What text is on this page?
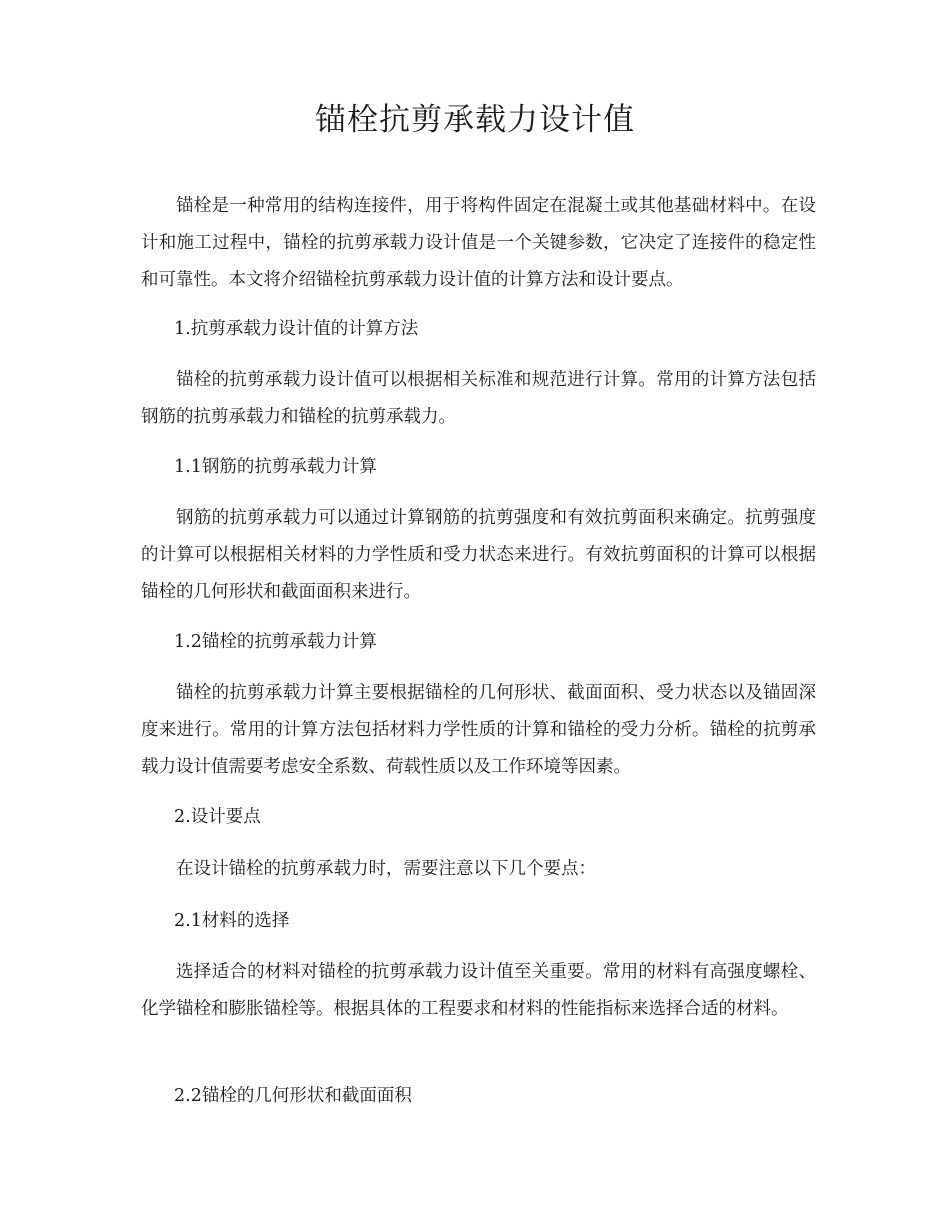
锚栓抗剪承载力设计值

锚栓是一种常用的结构连接件，用于将构件固定在混凝土或其他基础材料中。在设计和施工过程中，锚栓的抗剪承载力设计值是一个关键参数，它决定了连接件的稳定性和可靠性。本文将介绍锚栓抗剪承载力设计值的计算方法和设计要点。

1.抗剪承载力设计值的计算方法

锚栓的抗剪承载力设计值可以根据相关标准和规范进行计算。常用的计算方法包括钢筋的抗剪承载力和锚栓的抗剪承载力。

1.1钢筋的抗剪承载力计算

钢筋的抗剪承载力可以通过计算钢筋的抗剪强度和有效抗剪面积来确定。抗剪强度的计算可以根据相关材料的力学性质和受力状态来进行。有效抗剪面积的计算可以根据锚栓的几何形状和截面面积来进行。

1.2锚栓的抗剪承载力计算

锚栓的抗剪承载力计算主要根据锚栓的几何形状、截面面积、受力状态以及锚固深度来进行。常用的计算方法包括材料力学性质的计算和锚栓的受力分析。锚栓的抗剪承载力设计值需要考虑安全系数、荷载性质以及工作环境等因素。

2.设计要点

在设计锚栓的抗剪承载力时，需要注意以下几个要点：

2.1材料的选择

选择适合的材料对锚栓的抗剪承载力设计值至关重要。常用的材料有高强度螺栓、化学锚栓和膨胀锚栓等。根据具体的工程要求和材料的性能指标来选择合适的材料。

2.2锚栓的几何形状和截面面积
